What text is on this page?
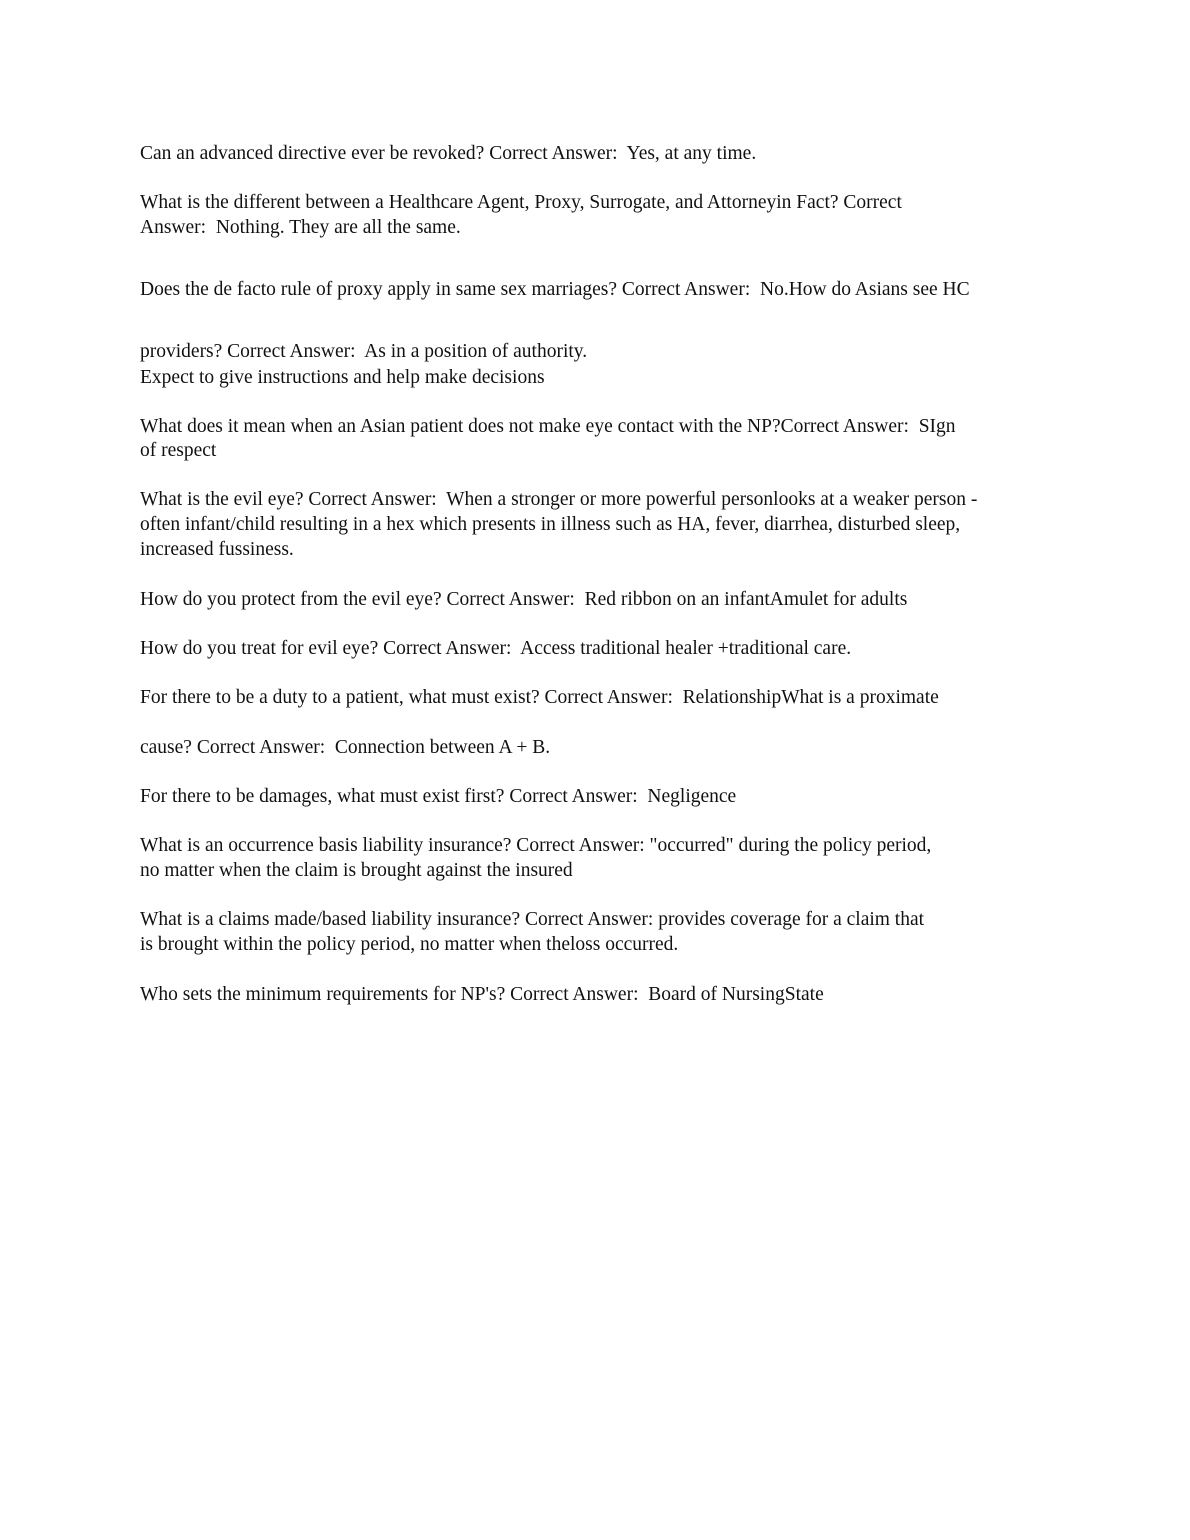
Can an advanced directive ever be revoked? Correct Answer:  Yes, at any time.

What is the different between a Healthcare Agent, Proxy, Surrogate, and Attorneyin Fact? Correct

Answer:  Nothing. They are all the same.

Does the de facto rule of proxy apply in same sex marriages? Correct Answer:  No.How do Asians see HC

providers? Correct Answer:  As in a position of authority.

Expect to give instructions and help make decisions

What does it mean when an Asian patient does not make eye contact with the NP?Correct Answer:  SIgn

of respect

What is the evil eye? Correct Answer:  When a stronger or more powerful personlooks at a weaker person -

often infant/child resulting in a hex which presents in illness such as HA, fever, diarrhea, disturbed sleep,

increased fussiness.

How do you protect from the evil eye? Correct Answer:  Red ribbon on an infantAmulet for adults

How do you treat for evil eye? Correct Answer:  Access traditional healer +traditional care.

For there to be a duty to a patient, what must exist? Correct Answer:  RelationshipWhat is a proximate

cause? Correct Answer:  Connection between A + B.

For there to be damages, what must exist first? Correct Answer:  Negligence

What is an occurrence basis liability insurance? Correct Answer: "occurred" during the policy period,

no matter when the claim is brought against the insured

What is a claims made/based liability insurance? Correct Answer: provides coverage for a claim that

is brought within the policy period, no matter when theloss occurred.

Who sets the minimum requirements for NP's? Correct Answer:  Board of NursingState
